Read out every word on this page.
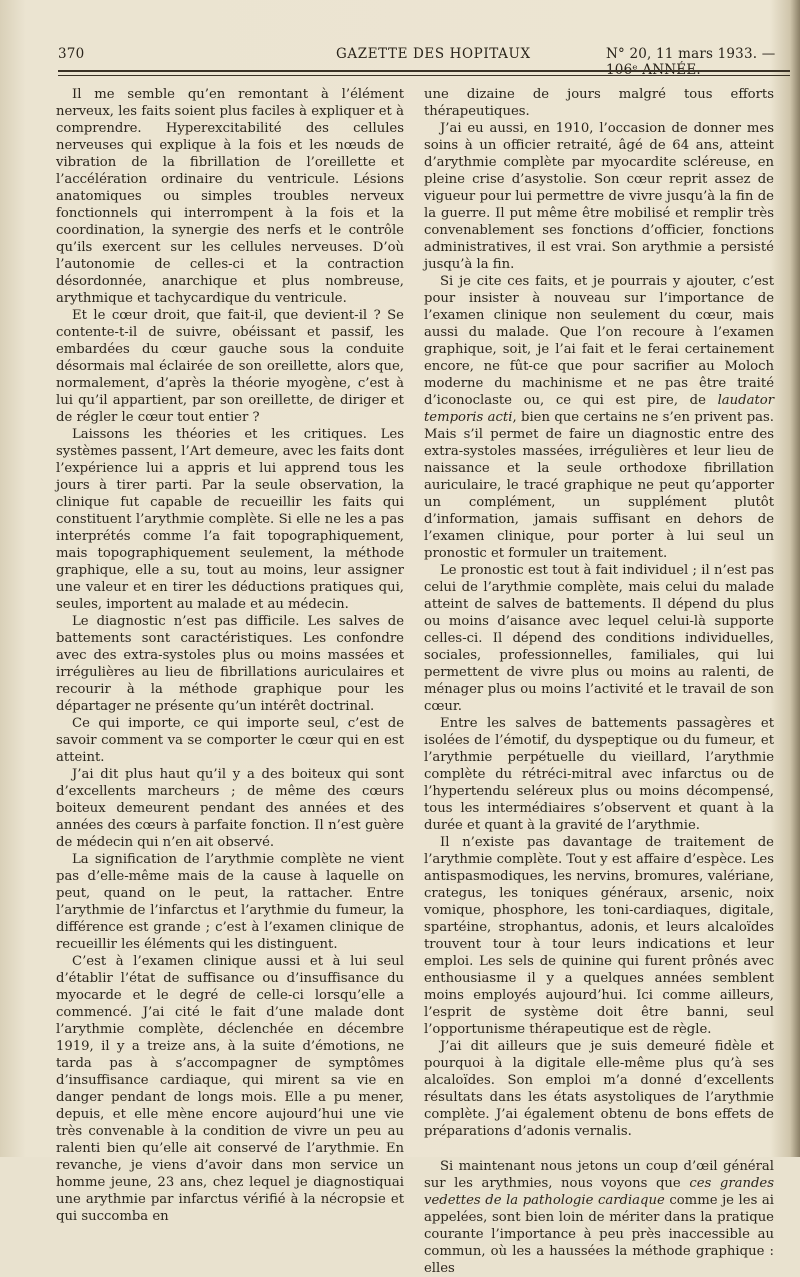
370	GAZETTE DES HOPITAUX	N° 20, 11 mars 1933. — 106ᵉ ANNÉE.

Il me semble qu’en remontant à l’élément nerveux, les faits soient plus faciles à expliquer et à comprendre. Hyperexcitabilité des cellules nerveuses qui explique à la fois et les nœuds de vibration de la fibrillation de l’oreillette et l’accélération ordinaire du ventricule. Lésions anatomiques ou simples troubles nerveux fonctionnels qui interrompent à la fois et la coordination, la synergie des nerfs et le contrôle qu’ils exercent sur les cellules nerveuses. D’où l’autonomie de celles-ci et la contraction désordonnée, anarchique et plus nombreuse, arythmique et tachycardique du ventricule.

Et le cœur droit, que fait-il, que devient-il ? Se contente-t-il de suivre, obéissant et passif, les embardées du cœur gauche sous la conduite désormais mal éclairée de son oreillette, alors que, normalement, d’après la théorie myogène, c’est à lui qu’il appartient, par son oreillette, de diriger et de régler le cœur tout entier ?

Laissons les théories et les critiques. Les systèmes passent, l’Art demeure, avec les faits dont l’expérience lui a appris et lui apprend tous les jours à tirer parti. Par la seule observation, la clinique fut capable de recueillir les faits qui constituent l’arythmie complète. Si elle ne les a pas interprétés comme l’a fait topographiquement, mais topographiquement seulement, la méthode graphique, elle a su, tout au moins, leur assigner une valeur et en tirer les déductions pratiques qui, seules, importent au malade et au médecin.

Le diagnostic n’est pas difficile. Les salves de battements sont caractéristiques. Les confondre avec des extra-systoles plus ou moins massées et irrégulières au lieu de fibrillations auriculaires et recourir à la méthode graphique pour les départager ne présente qu’un intérêt doctrinal.

Ce qui importe, ce qui importe seul, c’est de savoir comment va se comporter le cœur qui en est atteint.

J’ai dit plus haut qu’il y a des boiteux qui sont d’excellents marcheurs ; de même des cœurs boiteux demeurent pendant des années et des années des cœurs à parfaite fonction. Il n’est guère de médecin qui n’en ait observé.

La signification de l’arythmie complète ne vient pas d’elle-même mais de la cause à laquelle on peut, quand on le peut, la rattacher. Entre l’arythmie de l’infarctus et l’arythmie du fumeur, la différence est grande ; c’est à l’examen clinique de recueillir les éléments qui les distinguent.

C’est à l’examen clinique aussi et à lui seul d’établir l’état de suffisance ou d’insuffisance du myocarde et le degré de celle-ci lorsqu’elle a commencé. J’ai cité le fait d’une malade dont l’arythmie complète, déclenchée en décembre 1919, il y a treize ans, à la suite d’émotions, ne tarda pas à s’accompagner de symptômes d’insuffisance cardiaque, qui mirent sa vie en danger pendant de longs mois. Elle a pu mener, depuis, et elle mène encore aujourd’hui une vie très convenable à la condition de vivre un peu au ralenti bien qu’elle ait conservé de l’arythmie. En revanche, je viens d’avoir dans mon service un homme jeune, 23 ans, chez lequel je diagnostiquai une arythmie par infarctus vérifié à la nécropsie et qui succomba en

une dizaine de jours malgré tous efforts thérapeutiques.

J’ai eu aussi, en 1910, l’occasion de donner mes soins à un officier retraité, âgé de 64 ans, atteint d’arythmie complète par myocardite scléreuse, en pleine crise d’asystolie. Son cœur reprit assez de vigueur pour lui permettre de vivre jusqu’à la fin de la guerre. Il put même être mobilisé et remplir très convenablement ses fonctions d’officier, fonctions administratives, il est vrai. Son arythmie a persisté jusqu’à la fin.

Si je cite ces faits, et je pourrais y ajouter, c’est pour insister à nouveau sur l’importance de l’examen clinique non seulement du cœur, mais aussi du malade. Que l’on recoure à l’examen graphique, soit, je l’ai fait et le ferai certainement encore, ne fût-ce que pour sacrifier au Moloch moderne du machinisme et ne pas être traité d’iconoclaste ou, ce qui est pire, de laudator temporis acti, bien que certains ne s’en privent pas. Mais s’il permet de faire un diagnostic entre des extra-systoles massées, irrégulières et leur lieu de naissance et la seule orthodoxe fibrillation auriculaire, le tracé graphique ne peut qu’apporter un complément, un supplément plutôt d’information, jamais suffisant en dehors de l’examen clinique, pour porter à lui seul un pronostic et formuler un traitement.

Le pronostic est tout à fait individuel ; il n’est pas celui de l’arythmie complète, mais celui du malade atteint de salves de battements. Il dépend du plus ou moins d’aisance avec lequel celui-là supporte celles-ci. Il dépend des conditions individuelles, sociales, professionnelles, familiales, qui lui permettent de vivre plus ou moins au ralenti, de ménager plus ou moins l’activité et le travail de son cœur.

Entre les salves de battements passagères et isolées de l’émotif, du dyspeptique ou du fumeur, et l’arythmie perpétuelle du vieillard, l’arythmie complète du rétréci-mitral avec infarctus ou de l’hypertendu seléreux plus ou moins décompensé, tous les intermédiaires s’observent et quant à la durée et quant à la gravité de l’arythmie.

Il n’existe pas davantage de traitement de l’arythmie complète. Tout y est affaire d’espèce. Les antispasmodiques, les nervins, bromures, valériane, crategus, les toniques généraux, arsenic, noix vomique, phosphore, les toni-cardiaques, digitale, spartéine, strophantus, adonis, et leurs alcaloïdes trouvent tour à tour leurs indications et leur emploi. Les sels de quinine qui furent prônés avec enthousiasme il y a quelques années semblent moins employés aujourd’hui. Ici comme ailleurs, l’esprit de système doit être banni, seul l’opportunisme thérapeutique est de règle.

J’ai dit ailleurs que je suis demeuré fidèle et pourquoi à la digitale elle-même plus qu’à ses alcaloïdes. Son emploi m’a donné d’excellents résultats dans les états asystoliques de l’arythmie complète. J’ai également obtenu de bons effets de préparations d’adonis vernalis.

Si maintenant nous jetons un coup d’œil général sur les arythmies, nous voyons que ces grandes vedettes de la pathologie cardiaque comme je les ai appelées, sont bien loin de mériter dans la pratique courante l’importance à peu près inaccessible au commun, où les a haussées la méthode graphique : elles
